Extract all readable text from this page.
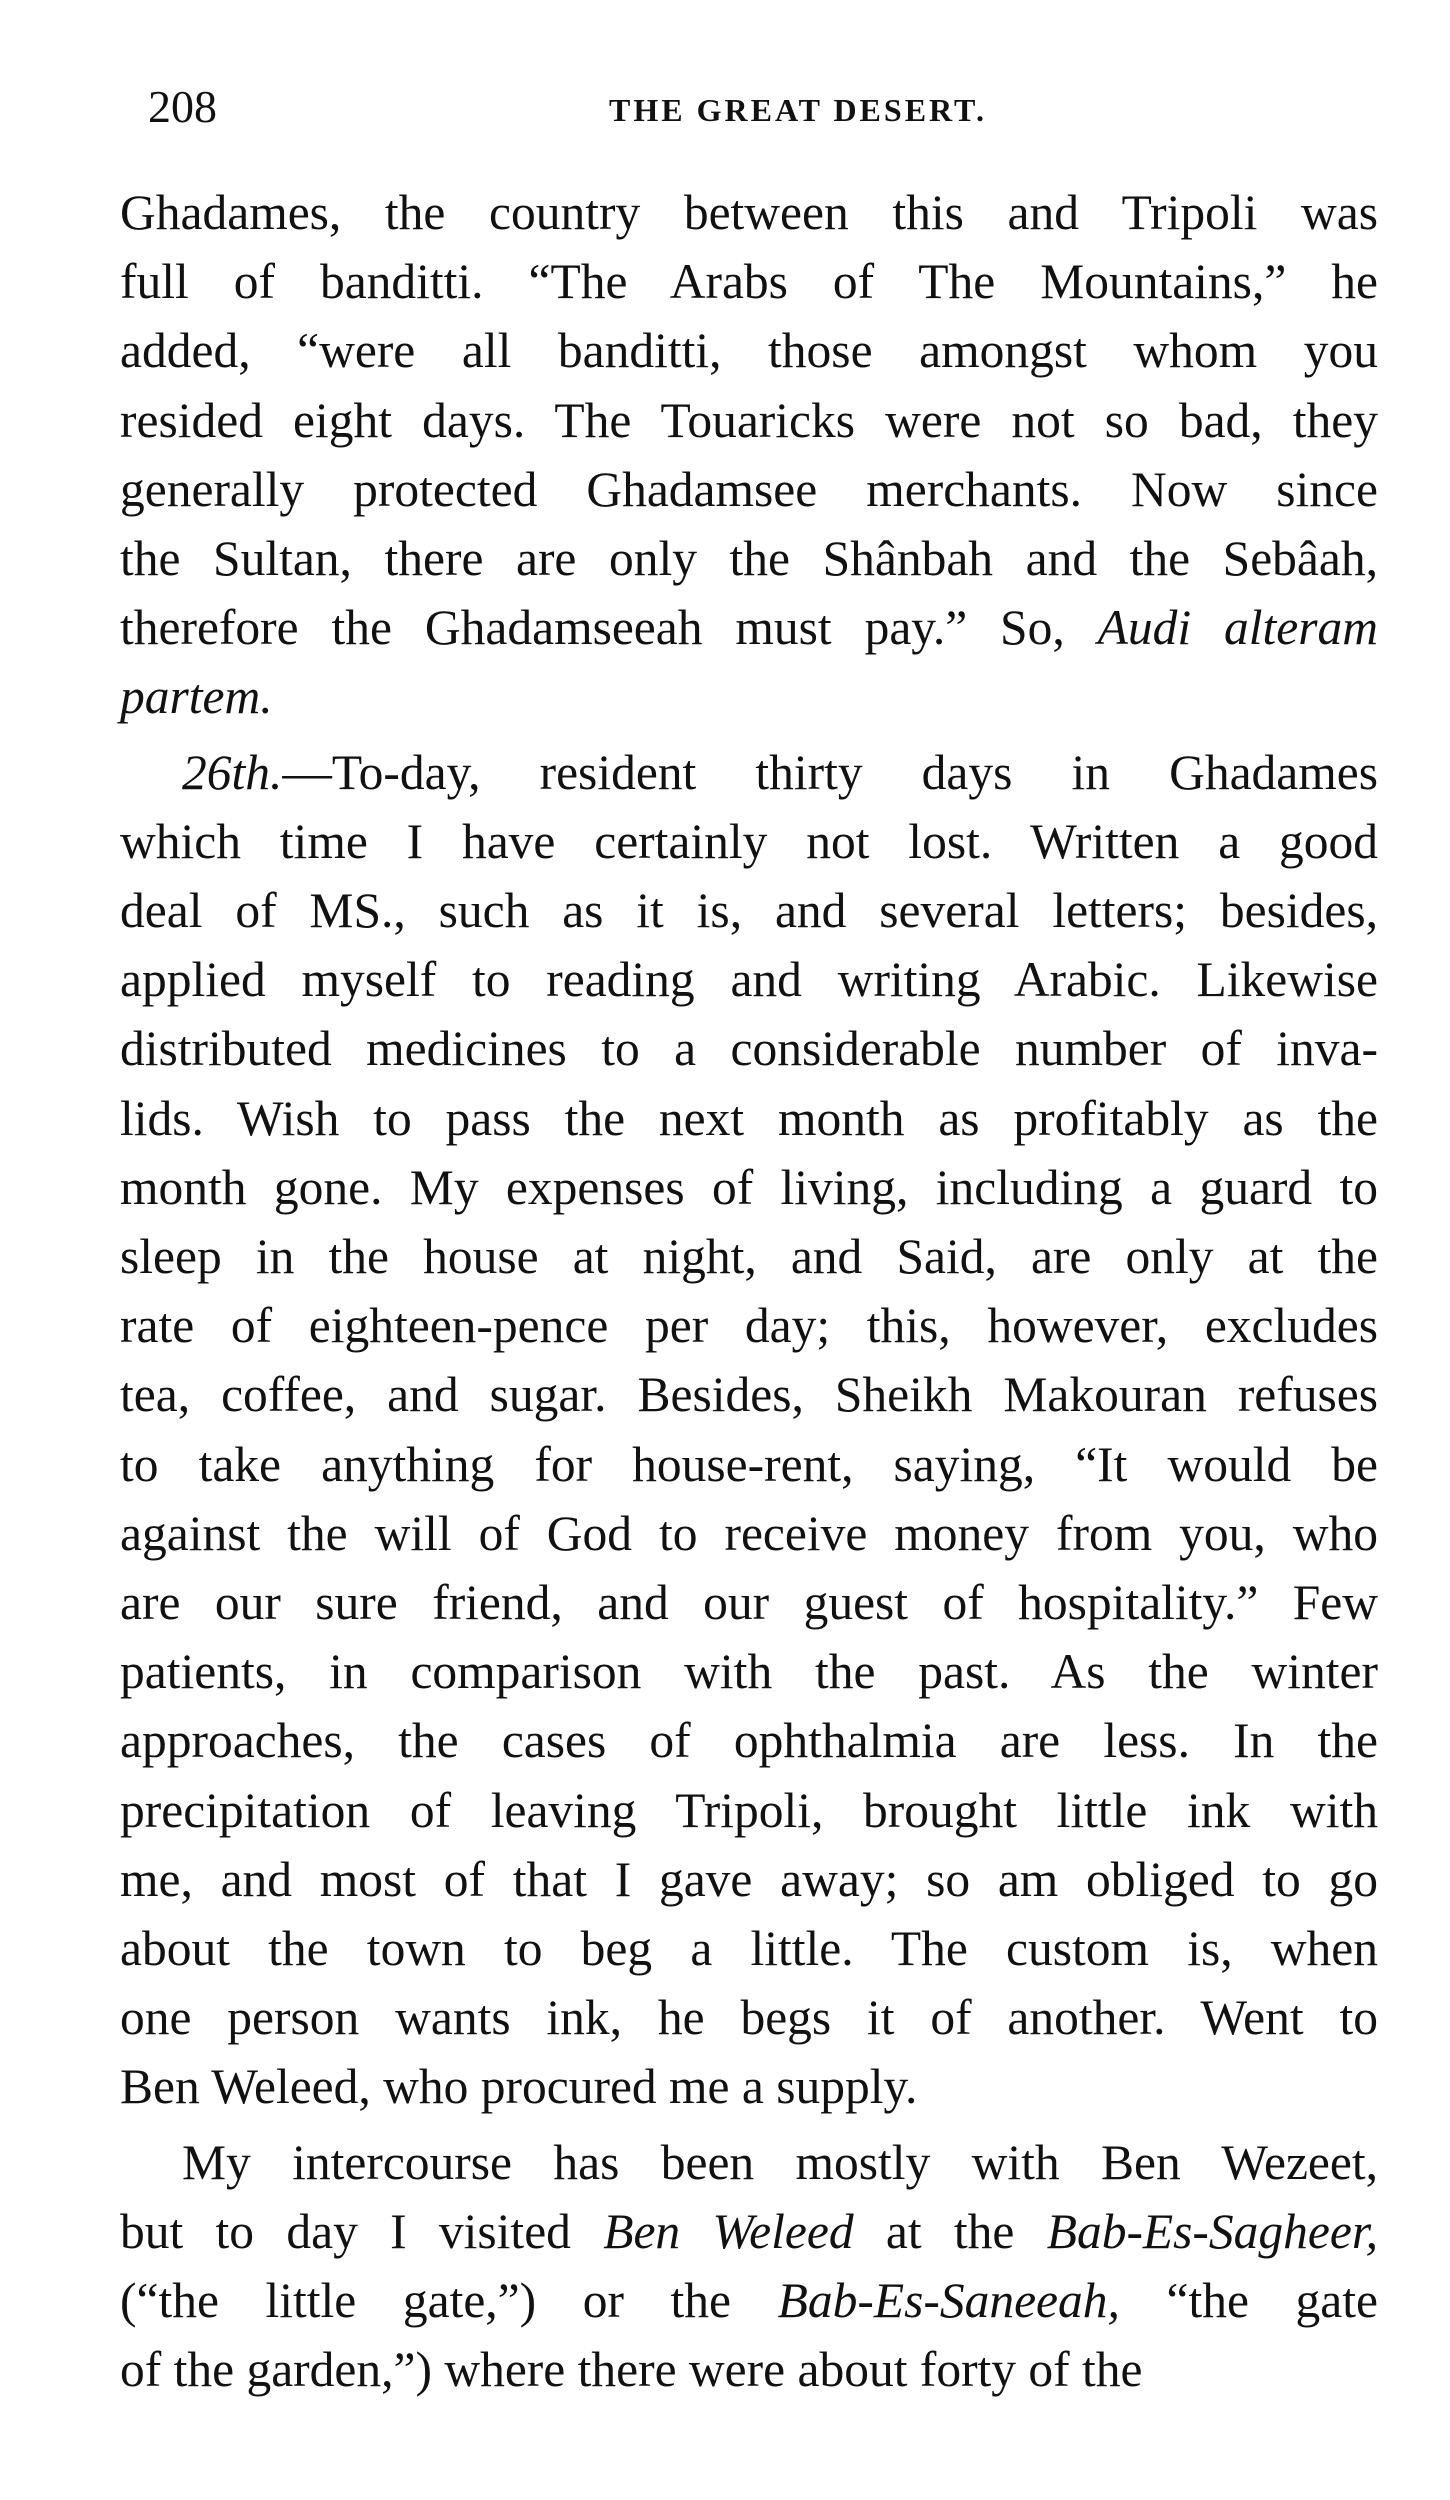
208	THE GREAT DESERT.
Ghadames, the country between this and Tripoli was
full of banditti. “The Arabs of The Mountains,” he
added, “were all banditti, those amongst whom you
resided eight days. The Touaricks were not so bad, they
generally protected Ghadamsee merchants. Now since
the Sultan, there are only the Shânbah and the Sebâah,
therefore the Ghadamseeah must pay.” So, Audi alteram
partem.
26th.—To-day, resident thirty days in Ghadames
which time I have certainly not lost. Written a good
deal of MS., such as it is, and several letters; besides,
applied myself to reading and writing Arabic. Likewise
distributed medicines to a considerable number of inva-
lids. Wish to pass the next month as profitably as the
month gone. My expenses of living, including a guard to
sleep in the house at night, and Said, are only at the
rate of eighteen-pence per day; this, however, excludes
tea, coffee, and sugar. Besides, Sheikh Makouran refuses
to take anything for house-rent, saying, “It would be
against the will of God to receive money from you, who
are our sure friend, and our guest of hospitality.” Few
patients, in comparison with the past. As the winter
approaches, the cases of ophthalmia are less. In the
precipitation of leaving Tripoli, brought little ink with
me, and most of that I gave away; so am obliged to go
about the town to beg a little. The custom is, when
one person wants ink, he begs it of another. Went to
Ben Weleed, who procured me a supply.
My intercourse has been mostly with Ben Wezeet,
but to day I visited Ben Weleed at the Bab-Es-Sagheer,
(“the little gate,”) or the Bab-Es-Saneeah, “the gate
of the garden,”) where there were about forty of the
